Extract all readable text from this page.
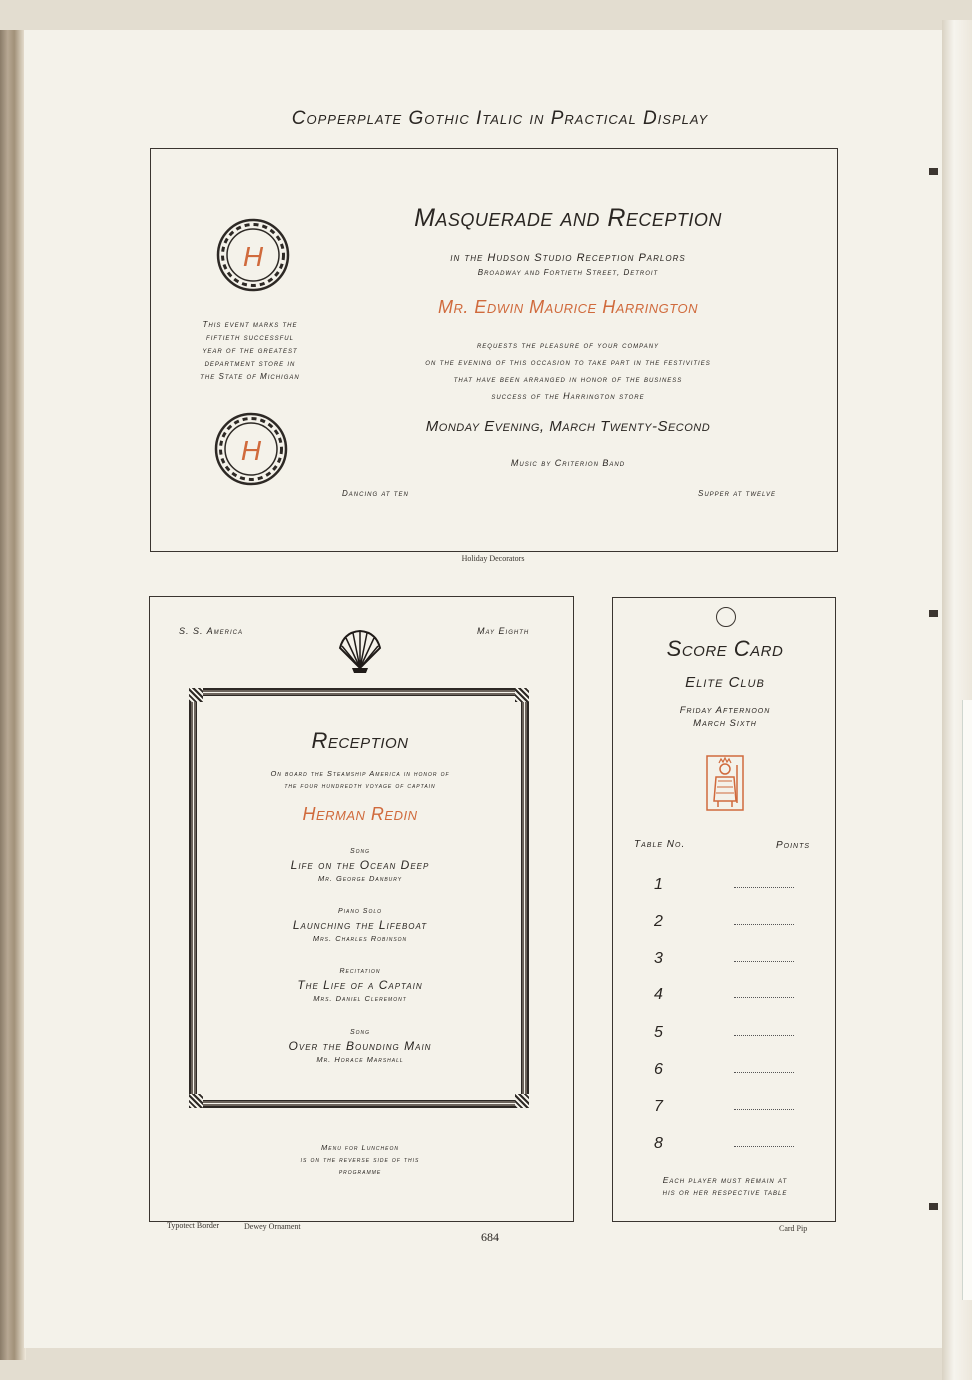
Copperplate Gothic Italic in Practical Display
H
H
This event marks the
fiftieth successful
year of the greatest
department store in
the State of Michigan
Masquerade and Reception
in the Hudson Studio Reception Parlors
Broadway and Fortieth Street, Detroit
Mr. Edwin Maurice Harrington
requests the pleasure of your company
on the evening of this occasion to take part in the festivities
that have been arranged in honor of the business
success of the Harrington store
Monday Evening, March Twenty-Second
Music by Criterion Band
Dancing at ten	Supper at twelve
Holiday Decorators
S. S. America	May Eighth
Reception
On board the Steamship America in honor of
the four hundredth voyage of captain
Herman Redin
Song
Life on the Ocean Deep
Mr. George Danbury
Piano Solo
Launching the Lifeboat
Mrs. Charles Robinson
Recitation
The Life of a Captain
Mrs. Daniel Cleremont
Song
Over the Bounding Main
Mr. Horace Marshall
Menu for Luncheon
is on the reverse side of this
programme
Typotect Border	Dewey Ornament
684
Score Card
Elite Club
Friday Afternoon
March Sixth
Table No.	Points
1
2
3
4
5
6
7
8
Each player must remain at
his or her respective table
Card Pip
